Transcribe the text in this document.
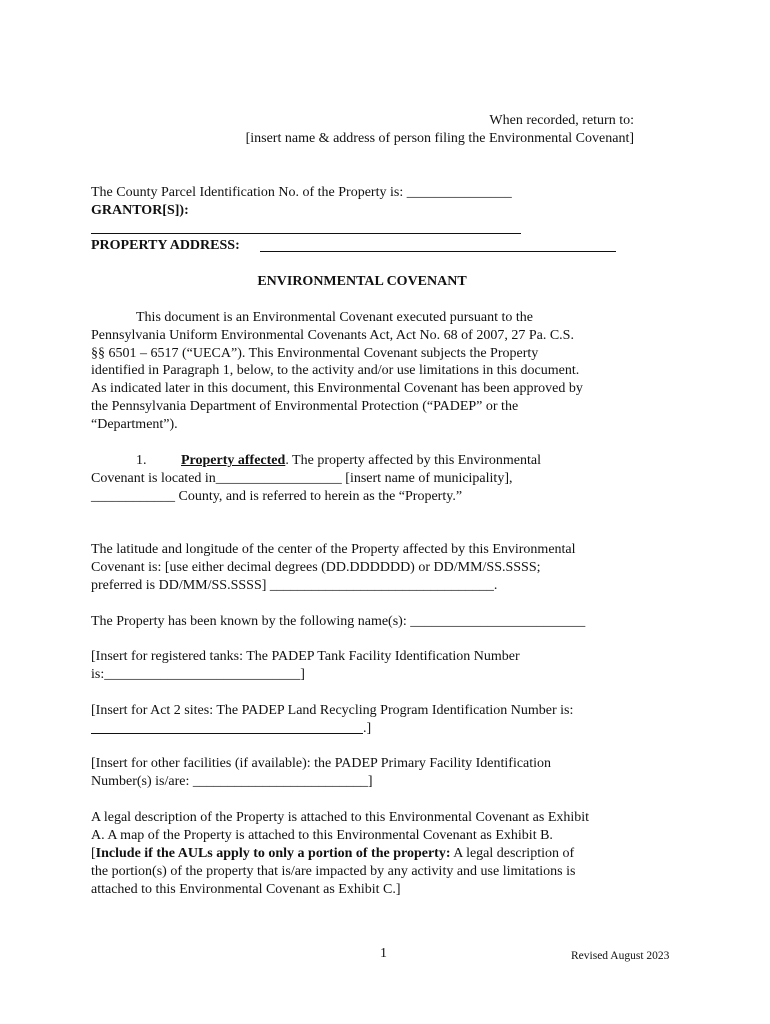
When recorded, return to:
[insert name & address of person filing the Environmental Covenant]
The County Parcel Identification No. of the Property is: _______________
GRANTOR[S]):
PROPERTY ADDRESS:
ENVIRONMENTAL COVENANT
This document is an Environmental Covenant executed pursuant to the
Pennsylvania Uniform Environmental Covenants Act, Act No. 68 of 2007, 27 Pa. C.S.
§§ 6501 – 6517 (“UECA”). This Environmental Covenant subjects the Property
identified in Paragraph 1, below, to the activity and/or use limitations in this document.
As indicated later in this document, this Environmental Covenant has been approved by
the Pennsylvania Department of Environmental Protection (“PADEP” or the
“Department”).
1. Property affected. The property affected by this Environmental
Covenant is located in__________________ [insert name of municipality],
____________ County, and is referred to herein as the “Property.”
The latitude and longitude of the center of the Property affected by this Environmental
Covenant is: [use either decimal degrees (DD.DDDDDD) or DD/MM/SS.SSSS;
preferred is DD/MM/SS.SSSS] ________________________________.
The Property has been known by the following name(s): _________________________
[Insert for registered tanks: The PADEP Tank Facility Identification Number
is:____________________________]
[Insert for Act 2 sites: The PADEP Land Recycling Program Identification Number is:
.]
[Insert for other facilities (if available): the PADEP Primary Facility Identification
Number(s) is/are: _________________________]
A legal description of the Property is attached to this Environmental Covenant as Exhibit
A. A map of the Property is attached to this Environmental Covenant as Exhibit B.
[Include if the AULs apply to only a portion of the property: A legal description of
the portion(s) of the property that is/are impacted by any activity and use limitations is
attached to this Environmental Covenant as Exhibit C.]
1	Revised August 2023
